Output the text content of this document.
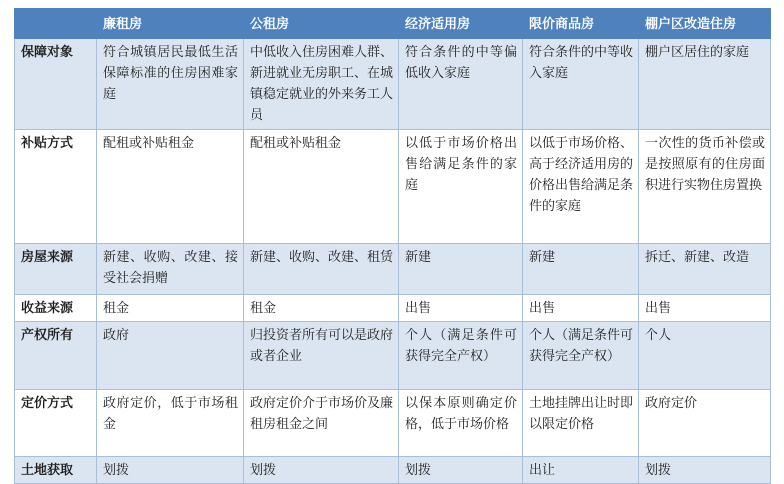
	廉租房	公租房	经济适用房	限价商品房	棚户区改造住房
保障对象	符合城镇居民最低生活保障标准的住房困难家庭	中低收入住房困难人群、新进就业无房职工、在城镇稳定就业的外来务工人员	符合条件的中等偏低收入家庭	符合条件的中等收入家庭	棚户区居住的家庭
补贴方式	配租或补贴租金	配租或补贴租金	以低于市场价格出售给满足条件的家庭	以低于市场价格、高于经济适用房的价格出售给满足条件的家庭	一次性的货币补偿或是按照原有的住房面积进行实物住房置换
房屋来源	新建、收购、改建、接受社会捐赠	新建、收购、改建、租赁	新建	新建	拆迁、新建、改造
收益来源	租金	租金	出售	出售	出售
产权所有	政府	归投资者所有可以是政府或者企业	个人（满足条件可获得完全产权）	个人（满足条件可获得完全产权）	个人
定价方式	政府定价，低于市场租金	政府定价介于市场价及廉租房租金之间	以保本原则确定价格，低于市场价格	土地挂牌出让时即以限定价格	政府定价
土地获取	划拨	划拨	划拨	出让	划拨
